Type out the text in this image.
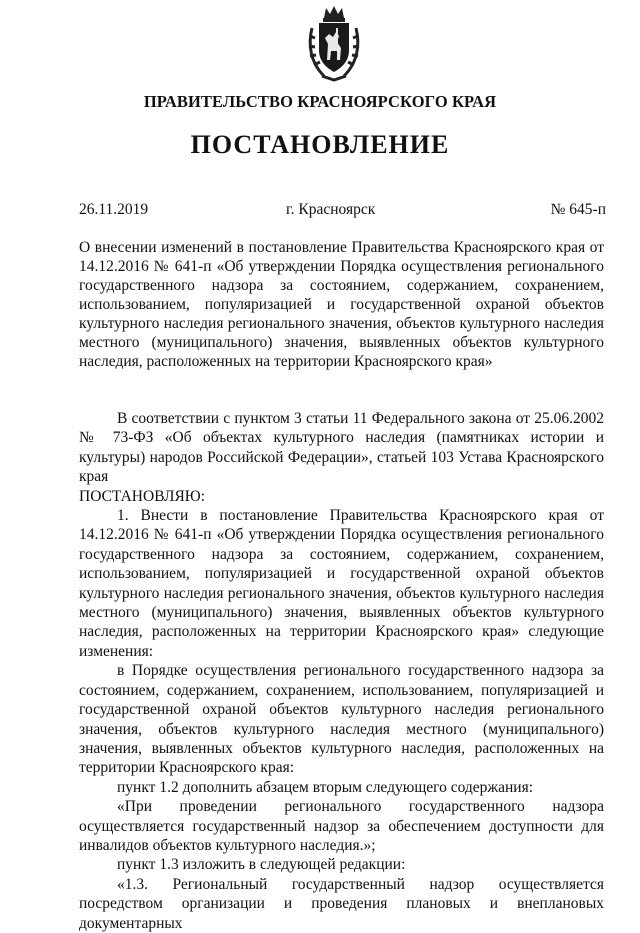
ПРАВИТЕЛЬСТВО КРАСНОЯРСКОГО КРАЯ
ПОСТАНОВЛЕНИЕ
26.11.2019	г. Красноярск	№ 645-п
О внесении изменений в постановление Правительства Красноярского края от 14.12.2016 № 641-п «Об утверждении Порядка осуществления регионального государственного надзора за состоянием, содержанием, сохранением, использованием, популяризацией и государственной охраной объектов культурного наследия регионального значения, объектов культурного наследия местного (муниципального) значения, выявленных объектов культурного наследия, расположенных на территории Красноярского края»

В соответствии с пунктом 3 статьи 11 Федерального закона от 25.06.2002 № 73-ФЗ «Об объектах культурного наследия (памятниках истории и культуры) народов Российской Федерации», статьей 103 Устава Красноярского края

ПОСТАНОВЛЯЮ:

1. Внести в постановление Правительства Красноярского края от 14.12.2016 № 641-п «Об утверждении Порядка осуществления регионального государственного надзора за состоянием, содержанием, сохранением, использованием, популяризацией и государственной охраной объектов культурного наследия регионального значения, объектов культурного наследия местного (муниципального) значения, выявленных объектов культурного наследия, расположенных на территории Красноярского края» следующие изменения:

в Порядке осуществления регионального государственного надзора за состоянием, содержанием, сохранением, использованием, популяризацией и государственной охраной объектов культурного наследия регионального значения, объектов культурного наследия местного (муниципального) значения, выявленных объектов культурного наследия, расположенных на территории Красноярского края:

пункт 1.2 дополнить абзацем вторым следующего содержания:

«При проведении регионального государственного надзора осуществляется государственный надзор за обеспечением доступности для инвалидов объектов культурного наследия.»;

пункт 1.3 изложить в следующей редакции:

«1.3. Региональный государственный надзор осуществляется посредством организации и проведения плановых и внеплановых документарных
